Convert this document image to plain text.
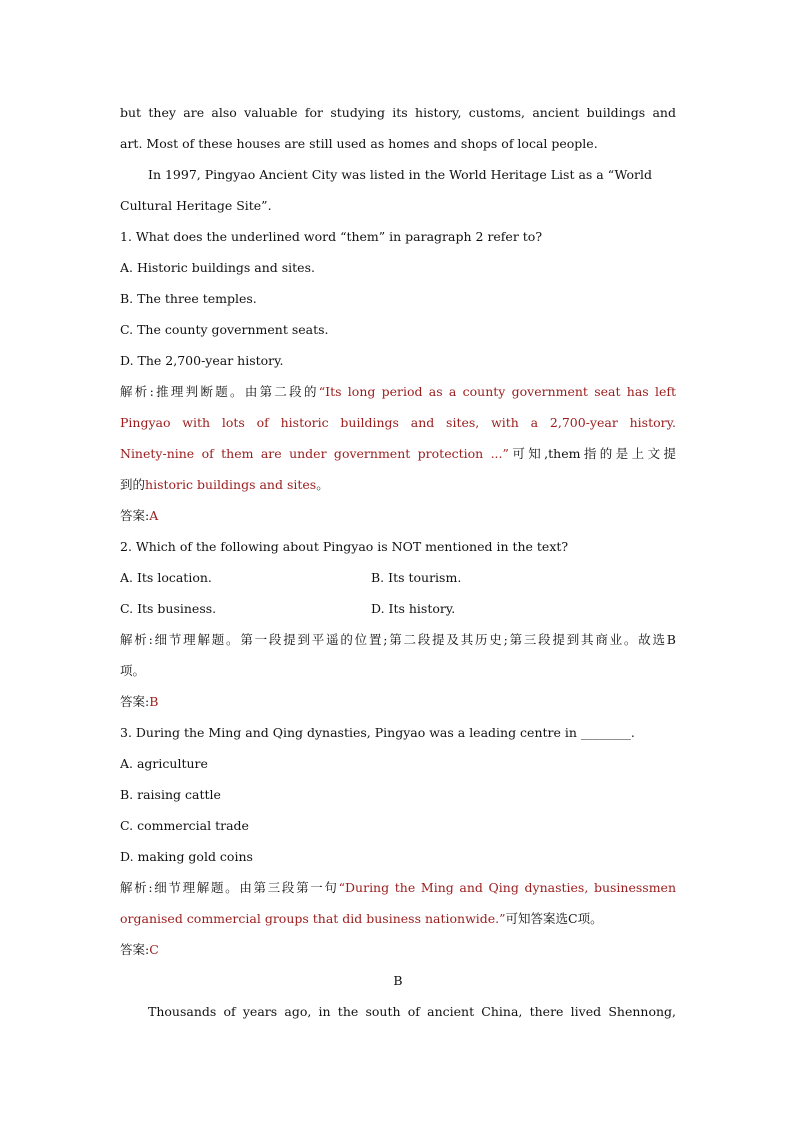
but they are also valuable for studying its history, customs, ancient buildings and
art. Most of these houses are still used as homes and shops of local people.
In 1997, Pingyao Ancient City was listed in the World Heritage List as a “World
Cultural Heritage Site”.
1. What does the underlined word “them” in paragraph 2 refer to?
A. Historic buildings and sites.
B. The three temples.
C. The county government seats.
D. The 2,700-year history.
解析:推理判断题。由第二段的“Its long period as a county government seat has left
Pingyao with lots of historic buildings and sites, with a 2,700-year history.
Ninety-nine of them are under government protection ...”可知,them指的是上文提
到的historic buildings and sites。
答案:A
2. Which of the following about Pingyao is NOT mentioned in the text?
A. Its location.	B. Its tourism.
C. Its business.	D. Its history.
解析:细节理解题。第一段提到平遥的位置;第二段提及其历史;第三段提到其商业。故选B
项。
答案:B
3. During the Ming and Qing dynasties, Pingyao was a leading centre in ________.
A. agriculture
B. raising cattle
C. commercial trade
D. making gold coins
解析:细节理解题。由第三段第一句“During the Ming and Qing dynasties, businessmen
organised commercial groups that did business nationwide.”可知答案选C项。
答案:C
B
Thousands of years ago, in the south of ancient China, there lived Shennong,
